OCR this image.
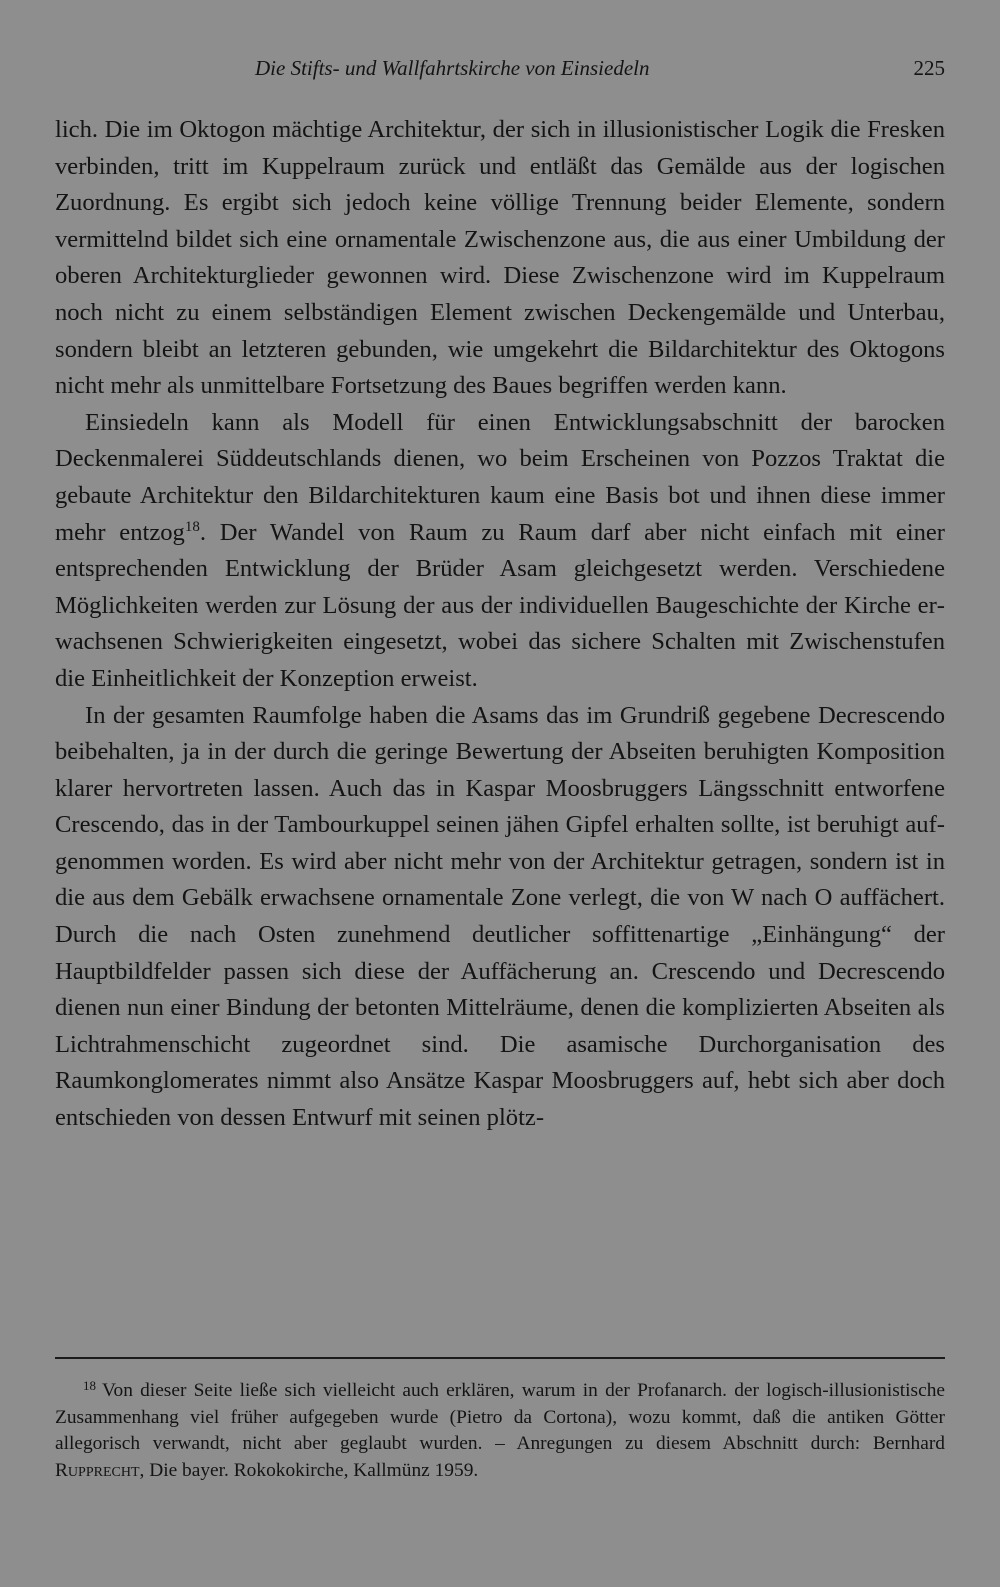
Die Stifts- und Wallfahrtskirche von Einsiedeln	225

lich. Die im Oktogon mächtige Architektur, der sich in illusionistischer Logik die Fresken verbinden, tritt im Kuppelraum zurück und entläßt das Gemälde aus der logischen Zuordnung. Es ergibt sich jedoch keine völlige Trennung beider Elemente, sondern vermittelnd bildet sich eine ornamentale Zwischenzone aus, die aus einer Umbildung der oberen Architekturglieder gewonnen wird. Diese Zwischenzone wird im Kuppelraum noch nicht zu einem selbständigen Element zwischen Deckengemälde und Unterbau, sondern bleibt an letzteren gebunden, wie umgekehrt die Bildarchitektur des Oktogons nicht mehr als unmittelbare Fortsetzung des Baues begriffen werden kann.

Einsiedeln kann als Modell für einen Entwicklungsabschnitt der barocken Deckenmalerei Süddeutschlands dienen, wo beim Erscheinen von Pozzos Traktat die gebaute Architektur den Bildarchitekturen kaum eine Basis bot und ihnen diese immer mehr entzog$^{18}$. Der Wandel von Raum zu Raum darf aber nicht einfach mit einer entsprechenden Entwicklung der Brüder Asam gleichgesetzt werden. Verschiedene Möglichkeiten werden zur Lösung der aus der individuellen Baugeschichte der Kirche erwachsenen Schwierigkeiten eingesetzt, wobei das sichere Schalten mit Zwischenstufen die Einheitlichkeit der Konzeption erweist.

In der gesamten Raumfolge haben die Asams das im Grundriß gegebene Decrescendo beibehalten, ja in der durch die geringe Bewertung der Abseiten beruhigten Komposition klarer hervortreten lassen. Auch das in Kaspar Moosbruggers Längsschnitt entworfene Crescendo, das in der Tambourkuppel seinen jähen Gipfel erhalten sollte, ist beruhigt aufgenommen worden. Es wird aber nicht mehr von der Architektur getragen, sondern ist in die aus dem Gebälk erwachsene ornamentale Zone verlegt, die von W nach O auffächert. Durch die nach Osten zunehmend deutlicher soffittenartige „Einhängung“ der Hauptbildfelder passen sich diese der Auffächerung an. Crescendo und Decrescendo dienen nun einer Bindung der betonten Mittelräume, denen die komplizierten Abseiten als Lichtrahmenschicht zugeordnet sind. Die asamische Durchorganisation des Raumkonglomerates nimmt also Ansätze Kaspar Moosbruggers auf, hebt sich aber doch entschieden von dessen Entwurf mit seinen plötz-

$^{18}$ Von dieser Seite ließe sich vielleicht auch erklären, warum in der Profanarch. der logisch-illusionistische Zusammenhang viel früher aufgegeben wurde (Pietro da Cortona), wozu kommt, daß die antiken Götter allegorisch verwandt, nicht aber geglaubt wurden. – Anregungen zu diesem Abschnitt durch: Bernhard Rupprecht, Die bayer. Rokokokirche, Kallmünz 1959.
